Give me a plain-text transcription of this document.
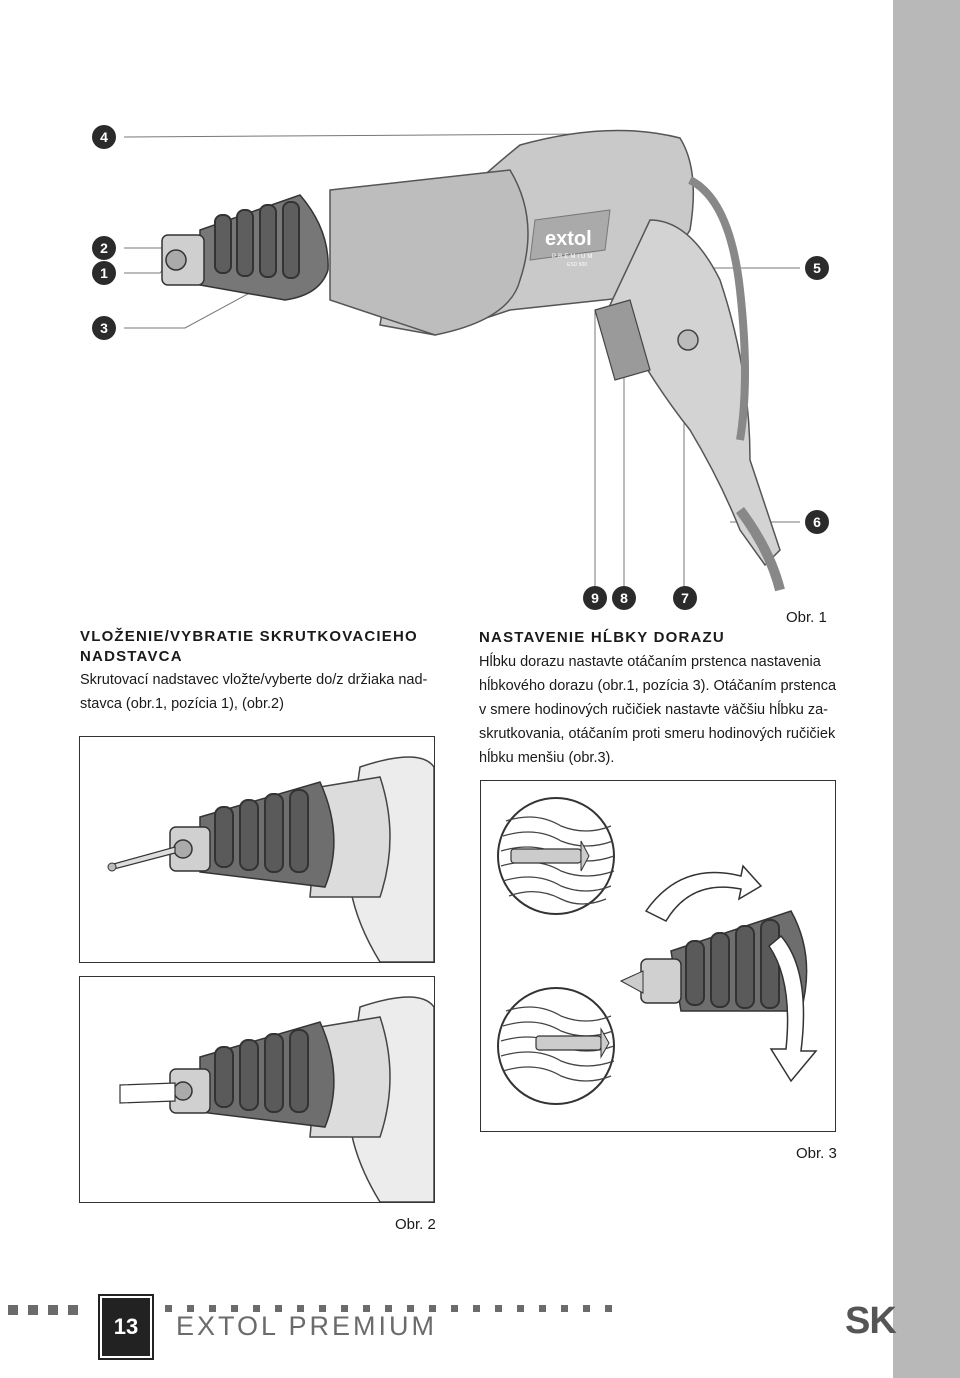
extol
PREMIUM
ESD 500
4
2
1
3
5
6
9	8	7
Obr. 1
VLOŽENIE/VYBRATIE SKRUTKOVACIEHO
NADSTAVCA
Skrutovací nadstavec vložte/vyberte do/z držiaka nad-
stavca (obr.1, pozícia 1), (obr.2)
NASTAVENIE HĹBKY DORAZU
Hĺbku dorazu nastavte otáčaním prstenca nastavenia
hĺbkového dorazu (obr.1, pozícia 3). Otáčaním prstenca
v smere hodinových ručičiek nastavte väčšiu hĺbku za-
skrutkovania, otáčaním proti smeru hodinových ručičiek
hĺbku menšiu (obr.3).
Obr. 2
Obr. 3
13	EXTOL PREMIUM	SK
